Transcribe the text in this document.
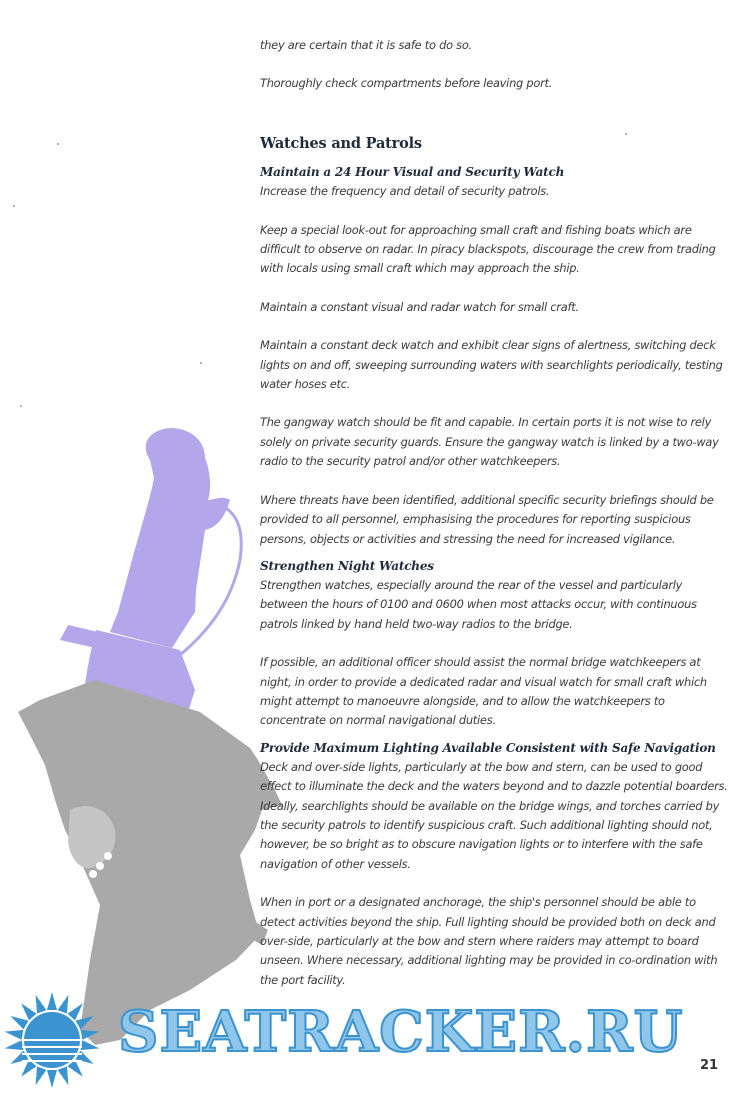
they are certain that it is safe to do so.

Thoroughly check compartments before leaving port.

Watches and Patrols
Maintain a 24 Hour Visual and Security Watch

Increase the frequency and detail of security patrols.

Keep a special look-out for approaching small craft and fishing boats which are difficult to observe on radar. In piracy blackspots, discourage the crew from trading with locals using small craft which may approach the ship.

Maintain a constant visual and radar watch for small craft.

Maintain a constant deck watch and exhibit clear signs of alertness, switching deck lights on and off, sweeping surrounding waters with searchlights periodically, testing water hoses etc.

The gangway watch should be fit and capable. In certain ports it is not wise to rely solely on private security guards. Ensure the gangway watch is linked by a two-way radio to the security patrol and/or other watchkeepers.

Where threats have been identified, additional specific security briefings should be provided to all personnel, emphasising the procedures for reporting suspicious persons, objects or activities and stressing the need for increased vigilance.

Strengthen Night Watches

Strengthen watches, especially around the rear of the vessel and particularly between the hours of 0100 and 0600 when most attacks occur, with continuous patrols linked by hand held two-way radios to the bridge.

If possible, an additional officer should assist the normal bridge watchkeepers at night, in order to provide a dedicated radar and visual watch for small craft which might attempt to manoeuvre alongside, and to allow the watchkeepers to concentrate on normal navigational duties.

Provide Maximum Lighting Available Consistent with Safe Navigation

Deck and over-side lights, particularly at the bow and stern, can be used to good effect to illuminate the deck and the waters beyond and to dazzle potential boarders. Ideally, searchlights should be available on the bridge wings, and torches carried by the security patrols to identify suspicious craft. Such additional lighting should not, however, be so bright as to obscure navigation lights or to interfere with the safe navigation of other vessels.

When in port or a designated anchorage, the ship's personnel should be able to detect activities beyond the ship. Full lighting should be provided both on deck and over-side, particularly at the bow and stern where raiders may attempt to board unseen. Where necessary, additional lighting may be provided in co-ordination with the port facility.

SEATRACKER.RU
21
